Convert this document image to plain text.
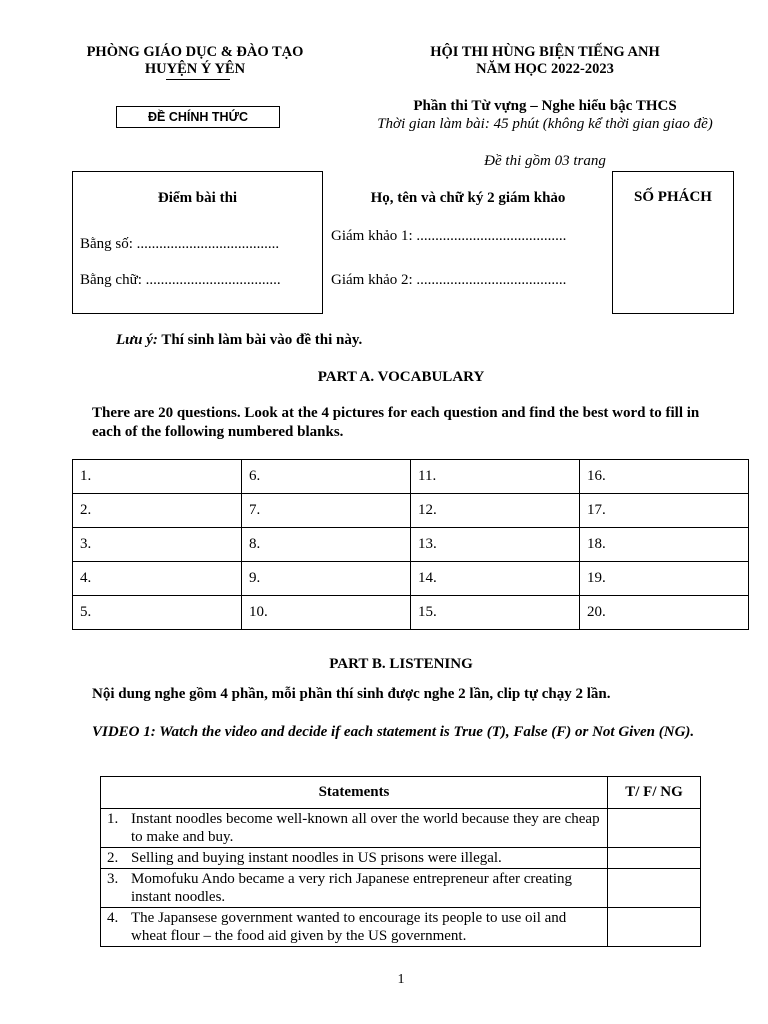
PHÒNG GIÁO DỤC & ĐÀO TẠO
HUYỆN Ý YÊN
ĐỀ CHÍNH THỨC
HỘI THI HÙNG BIỆN TIẾNG ANH
NĂM HỌC 2022-2023
Phần thi Từ vựng – Nghe hiểu bậc THCS
Thời gian làm bài: 45 phút (không kể thời gian giao đề)
Đề thi gồm 03 trang
Điểm bài thi
Bằng số: ......................................
Bằng chữ: ....................................
Họ, tên và chữ ký 2 giám khảo
Giám khảo 1: ........................................
Giám khảo 2: ........................................
SỐ PHÁCH
Lưu ý: Thí sinh làm bài vào đề thi này.
PART A. VOCABULARY
There are 20 questions. Look at the 4 pictures for each question and find the best word to fill in each of the following numbered blanks.
1.	6.	11.	16.
2.	7.	12.	17.
3.	8.	13.	18.
4.	9.	14.	19.
5.	10.	15.	20.
PART B. LISTENING
Nội dung nghe gồm 4 phần, mỗi phần thí sinh được nghe 2 lần, clip tự chạy 2 lần.
VIDEO 1: Watch the video and decide if each statement is True (T), False (F) or Not Given (NG).
Statements	T/ F/ NG

1. Instant noodles become well-known all over the world because they are cheap to make and buy.	

2. Selling and buying instant noodles in US prisons were illegal.	

3. Momofuku Ando became a very rich Japanese entrepreneur after creating instant noodles.	

4. The Japansese government wanted to encourage its people to use oil and wheat flour – the food aid given by the US government.	

1
